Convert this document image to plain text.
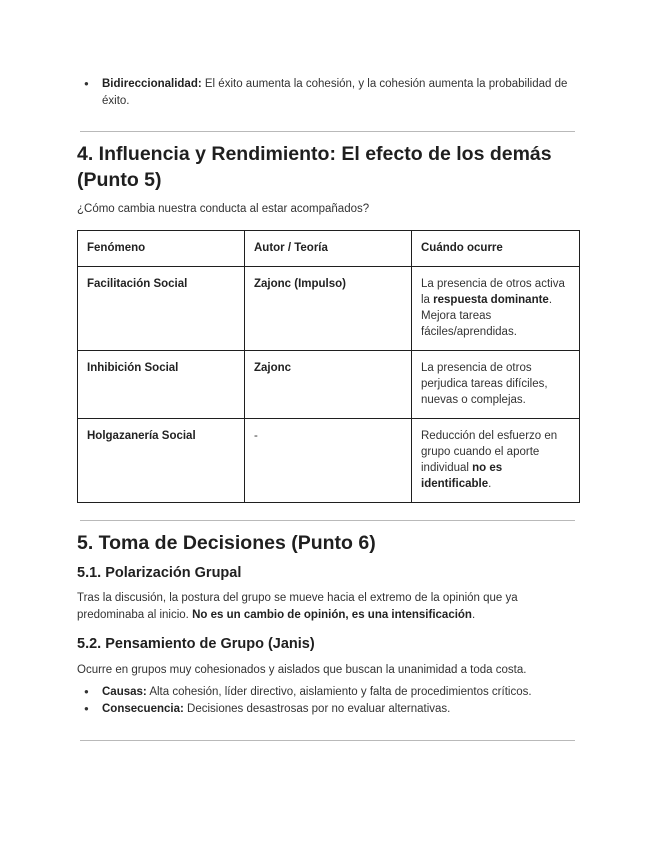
● Bidireccionalidad: El éxito aumenta la cohesión, y la cohesión aumenta la probabilidad de éxito.
4. Influencia y Rendimiento: El efecto de los demás (Punto 5)

¿Cómo cambia nuestra conducta al estar acompañados?

Fenómeno	Autor / Teoría	Cuándo ocurre
Facilitación Social	Zajonc (Impulso)	La presencia de otros activa la respuesta dominante. Mejora tareas fáciles/aprendidas.
Inhibición Social	Zajonc	La presencia de otros perjudica tareas difíciles, nuevas o complejas.
Holgazanería Social	-	Reducción del esfuerzo en grupo cuando el aporte individual no es identificable.
5. Toma de Decisiones (Punto 6)
5.1. Polarización Grupal

Tras la discusión, la postura del grupo se mueve hacia el extremo de la opinión que ya predominaba al inicio. No es un cambio de opinión, es una intensificación.

5.2. Pensamiento de Grupo (Janis)

Ocurre en grupos muy cohesionados y aislados que buscan la unanimidad a toda costa.

● Causas: Alta cohesión, líder directivo, aislamiento y falta de procedimientos críticos.
● Consecuencia: Decisiones desastrosas por no evaluar alternativas.
